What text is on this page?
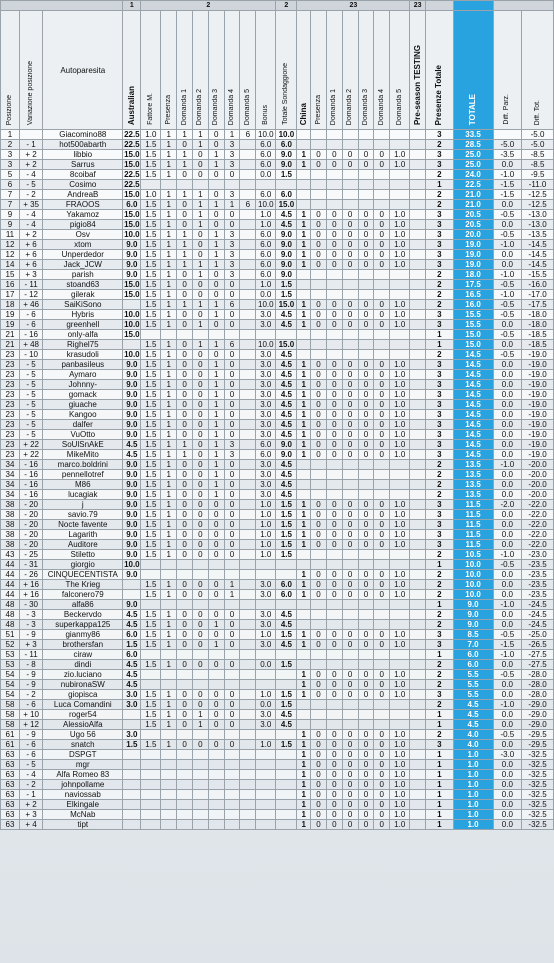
			1	2								2	23							23				
Posizione	Variazione posizione	Autoparesita	Australian	Fattore M.	Presenza	Domanda 1	Domanda 2	Domanda 3	Domanda 4	Domanda 5	Bonus	Totale Sondaggione	China	Presenza	Domanda 1	Domanda 2	Domanda 3	Domanda 4	Domanda 5	Pre-season TESTING	Presenze Totale	TOTALE	Diff. Parz.	Diff. Tot.
1		Giacomino88	22.5	1.0	1	1	1	0	1	6	10.0	10.0									3	33.5		-5.0
2	- 1	hot500abarth	22.5	1.5	1	0	1	0	3		6.0	6.0									2	28.5	-5.0	-5.0
3	+ 2	libbio	15.0	1.5	1	1	0	1	3		6.0	9.0	1	0	0	0	0	0	1.0		3	25.0	-3.5	-8.5
3	+ 2	Sarrus	15.0	1.5	1	1	0	1	3		6.0	9.0	1	0	0	0	0	0	1.0		3	25.0	0.0	-8.5
5	- 4	8coibaf	22.5	1.5	1	0	0	0	0		0.0	1.5									2	24.0	-1.0	-9.5
6	- 5	Cosimo	22.5																		1	22.5	-1.5	-11.0
7	- 2	AndreaB	15.0	1.0	1	1	1	0	3		6.0	6.0									2	21.0	-1.5	-12.5
7	+ 35	FRAOOS	6.0	1.5	1	0	1	1	1	6	10.0	15.0									2	21.0	0.0	-12.5
9	- 4	Yakamoz	15.0	1.5	1	0	1	0	0		1.0	4.5	1	0	0	0	0	0	1.0		3	20.5	-0.5	-13.0
9	- 4	pigio84	15.0	1.5	1	0	1	0	0		1.0	4.5	1	0	0	0	0	0	1.0		3	20.5	0.0	-13.0
11	+ 2	Osv	10.0	1.5	1	1	0	1	3		6.0	9.0	1	0	0	0	0	0	1.0		3	20.0	-0.5	-13.5
12	+ 6	xtom	9.0	1.5	1	1	0	1	3		6.0	9.0	1	0	0	0	0	0	1.0		3	19.0	-1.0	-14.5
12	+ 6	Unperdedor	9.0	1.5	1	1	0	1	3		6.0	9.0	1	0	0	0	0	0	1.0		3	19.0	0.0	-14.5
14	+ 6	Jack_JCW	9.0	1.5	1	1	1	1	3		6.0	9.0	1	0	0	0	0	0	1.0		3	19.0	0.0	-14.5
15	+ 3	parish	9.0	1.5	1	0	1	0	3		6.0	9.0									2	18.0	-1.0	-15.5
16	- 11	stoand63	15.0	1.5	1	0	0	0	0		1.0	1.5									2	17.5	-0.5	-16.0
17	- 12	gilerak	15.0	1.5	1	0	0	0	0		0.0	1.5									2	16.5	-1.0	-17.0
18	+ 46	SaiKiSono		1.5	1	1	1	1	6		10.0	15.0	1	0	0	0	0	0	1.0		2	16.0	-0.5	-17.5
19	- 6	Hybris	10.0	1.5	1	0	0	1	0		3.0	4.5	1	0	0	0	0	0	1.0		3	15.5	-0.5	-18.0
19	- 6	greenhell	10.0	1.5	1	0	1	0	0		3.0	4.5	1	0	0	0	0	0	1.0		3	15.5	0.0	-18.0
21	- 16	only-alfa	15.0																		1	15.0	-0.5	-18.5
21	+ 48	Righel75		1.5	1	0	1	1	6		10.0	15.0									1	15.0	0.0	-18.5
23	- 10	krasudoli	10.0	1.5	1	0	0	0	0		3.0	4.5									2	14.5	-0.5	-19.0
23	- 5	panbasileus	9.0	1.5	1	0	0	1	0		3.0	4.5	1	0	0	0	0	0	1.0		3	14.5	0.0	-19.0
23	- 5	Aymaro	9.0	1.5	1	0	0	1	0		3.0	4.5	1	0	0	0	0	0	1.0		3	14.5	0.0	-19.0
23	- 5	Johnny-	9.0	1.5	1	0	0	1	0		3.0	4.5	1	0	0	0	0	0	1.0		3	14.5	0.0	-19.0
23	- 5	gomack	9.0	1.5	1	0	0	1	0		3.0	4.5	1	0	0	0	0	0	1.0		3	14.5	0.0	-19.0
23	- 5	giuache	9.0	1.5	1	0	0	1	0		3.0	4.5	1	0	0	0	0	0	1.0		3	14.5	0.0	-19.0
23	- 5	Kangoo	9.0	1.5	1	0	0	1	0		3.0	4.5	1	0	0	0	0	0	1.0		3	14.5	0.0	-19.0
23	- 5	dalfer	9.0	1.5	1	0	0	1	0		3.0	4.5	1	0	0	0	0	0	1.0		3	14.5	0.0	-19.0
23	- 5	VuOtto	9.0	1.5	1	0	0	1	0		3.0	4.5	1	0	0	0	0	0	1.0		3	14.5	0.0	-19.0
23	+ 22	SoUlSnAkE	4.5	1.5	1	1	0	1	3		6.0	9.0	1	0	0	0	0	0	1.0		3	14.5	0.0	-19.0
23	+ 22	MikeMito	4.5	1.5	1	1	0	1	3		6.0	9.0	1	0	0	0	0	0	1.0		3	14.5	0.0	-19.0
34	- 16	marco.boldrini	9.0	1.5	1	0	0	1	0		3.0	4.5									2	13.5	-1.0	-20.0
34	- 16	pennellotref	9.0	1.5	1	0	0	1	0		3.0	4.5									2	13.5	0.0	-20.0
34	- 16	M86	9.0	1.5	1	0	0	1	0		3.0	4.5									2	13.5	0.0	-20.0
34	- 16	lucagiak	9.0	1.5	1	0	0	1	0		3.0	4.5									2	13.5	0.0	-20.0
38	- 20	j	9.0	1.5	1	0	0	0	0		1.0	1.5	1	0	0	0	0	0	1.0		3	11.5	-2.0	-22.0
38	- 20	savio.79	9.0	1.5	1	0	0	0	0		1.0	1.5	1	0	0	0	0	0	1.0		3	11.5	0.0	-22.0
38	- 20	Nocte favente	9.0	1.5	1	0	0	0	0		1.0	1.5	1	0	0	0	0	0	1.0		3	11.5	0.0	-22.0
38	- 20	Lagarith	9.0	1.5	1	0	0	0	0		1.0	1.5	1	0	0	0	0	0	1.0		3	11.5	0.0	-22.0
38	- 20	Auditore	9.0	1.5	1	0	0	0	0		1.0	1.5	1	0	0	0	0	0	1.0		3	11.5	0.0	-22.0
43	- 25	Stiletto	9.0	1.5	1	0	0	0	0		1.0	1.5									2	10.5	-1.0	-23.0
44	- 31	giorgio	10.0																		1	10.0	-0.5	-23.5
44	- 26	CINQUECENTISTA	9.0										1	0	0	0	0	0	1.0		2	10.0	0.0	-23.5
44	+ 16	The Krieg		1.5	1	0	0	0	1		3.0	6.0	1	0	0	0	0	0	1.0		2	10.0	0.0	-23.5
44	+ 16	falconero79		1.5	1	0	0	0	1		3.0	6.0	1	0	0	0	0	0	1.0		2	10.0	0.0	-23.5
48	- 30	alfa86	9.0																		1	9.0	-1.0	-24.5
48	- 3	Beckervdo	4.5	1.5	1	0	0	0	0		3.0	4.5									2	9.0	0.0	-24.5
48	- 3	superkappa125	4.5	1.5	1	0	0	1	0		3.0	4.5									2	9.0	0.0	-24.5
51	- 9	gianmy86	6.0	1.5	1	0	0	0	0		1.0	1.5	1	0	0	0	0	0	1.0		3	8.5	-0.5	-25.0
52	+ 3	brothersfan	1.5	1.5	1	0	0	1	0		3.0	4.5	1	0	0	0	0	0	1.0		3	7.0	-1.5	-26.5
53	- 11	ciraw	6.0																		1	6.0	-1.0	-27.5
53	- 8	dindi	4.5	1.5	1	0	0	0	0		0.0	1.5									2	6.0	0.0	-27.5
54	- 9	zio.luciano	4.5										1	0	0	0	0	0	1.0		2	5.5	-0.5	-28.0
54	- 9	nubironaSW	4.5										1	0	0	0	0	0	1.0		2	5.5	0.0	-28.0
54	- 2	giopisca	3.0	1.5	1	0	0	0	0		1.0	1.5	1	0	0	0	0	0	1.0		3	5.5	0.0	-28.0
58	- 6	Luca Comandini	3.0	1.5	1	0	0	0	0		0.0	1.5									2	4.5	-1.0	-29.0
58	+ 10	roger54		1.5	1	0	1	0	0		3.0	4.5									1	4.5	0.0	-29.0
58	+ 12	AlessioAlfa		1.5	1	0	1	0	0		3.0	4.5									1	4.5	0.0	-29.0
61	- 9	Ugo 56	3.0										1	0	0	0	0	0	1.0		2	4.0	-0.5	-29.5
61	- 6	snatch	1.5	1.5	1	0	0	0	0		1.0	1.5	1	0	0	0	0	0	1.0		3	4.0	0.0	-29.5
63	- 6	DSPGT											1	0	0	0	0	0	1.0		1	1.0	-3.0	-32.5
63	- 5	mgr											1	0	0	0	0	0	1.0		1	1.0	0.0	-32.5
63	- 4	Alfa Romeo 83											1	0	0	0	0	0	1.0		1	1.0	0.0	-32.5
63	- 2	johnpollame											1	0	0	0	0	0	1.0		1	1.0	0.0	-32.5
63	- 1	naviossab											1	0	0	0	0	0	1.0		1	1.0	0.0	-32.5
63	+ 2	Elkingale											1	0	0	0	0	0	1.0		1	1.0	0.0	-32.5
63	+ 3	McNab											1	0	0	0	0	0	1.0		1	1.0	0.0	-32.5
63	+ 4	tipt											1	0	0	0	0	0	1.0		1	1.0	0.0	-32.5
